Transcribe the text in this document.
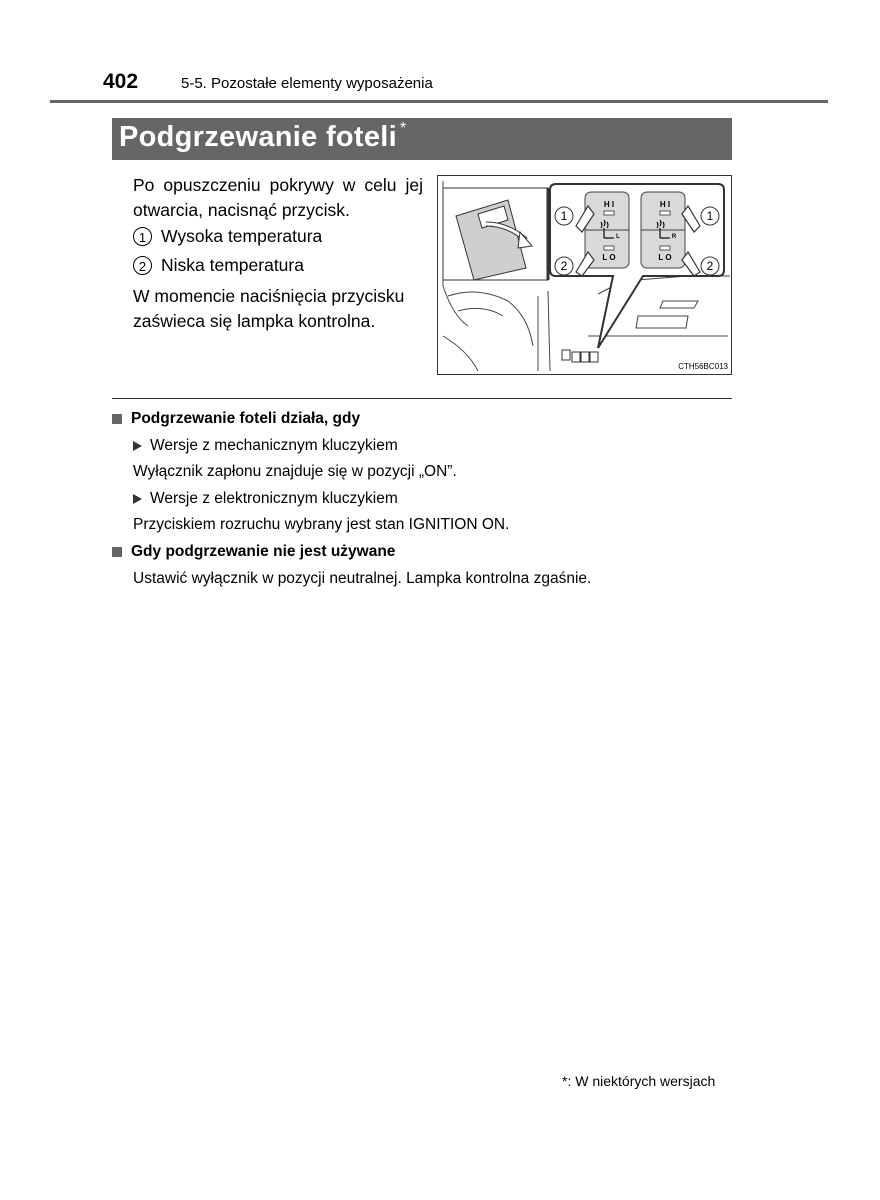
402	5-5. Pozostałe elementy wyposażenia
Podgrzewanie foteli *
Po opuszczeniu pokrywy w celu jej otwarcia, nacisnąć przycisk.
1 Wysoka temperatura
2 Niska temperatura
W momencie naciśnięcia przycisku zaświeca się lampka kontrolna.
H I	H I
L O	L O
L	R
1
2
1
2
CTH56BC013
Podgrzewanie foteli działa, gdy
Wersje z mechanicznym kluczykiem
Wyłącznik zapłonu znajduje się w pozycji „ON”.
Wersje z elektronicznym kluczykiem
Przyciskiem rozruchu wybrany jest stan IGNITION ON.
Gdy podgrzewanie nie jest używane
Ustawić wyłącznik w pozycji neutralnej. Lampka kontrolna zgaśnie.
*: W niektórych wersjach
